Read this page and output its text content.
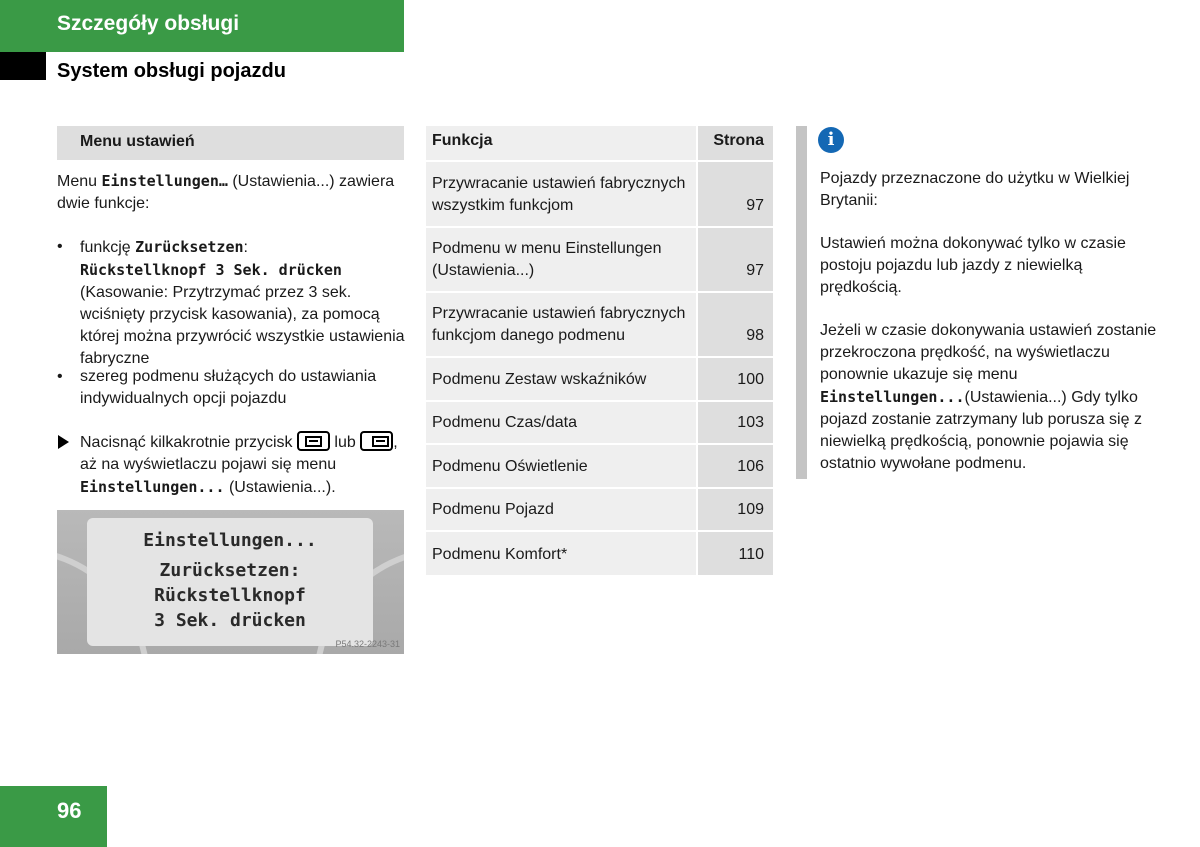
Szczegóły obsługi
System obsługi pojazdu
Menu ustawień
Menu Einstellungen… (Ustawienia...) zawiera dwie funkcje:
• funkcję Zurücksetzen:
Rückstellknopf 3 Sek. drücken
(Kasowanie: Przytrzymać przez 3 sek. wciśnięty przycisk kasowania), za pomocą której można przywrócić wszystkie ustawienia fabryczne
• szereg podmenu służących do ustawiania indywidualnych opcji pojazdu
Nacisnąć kilkakrotnie przycisk
lub
, aż na wyświetlaczu pojawi się menu Einstellungen... (Ustawienia...).
Einstellungen...
Zurücksetzen:
Rückstellknopf
3 Sek. drücken
P54.32-2243-31
Funkcja	Strona
Przywracanie ustawień fabrycznych wszystkim funkcjom	97
Podmenu w menu Einstellungen (Ustawienia...)	97
Przywracanie ustawień fabrycznych funkcjom danego podmenu	98
Podmenu Zestaw wskaźników	100
Podmenu Czas/data	103
Podmenu Oświetlenie	106
Podmenu Pojazd	109
Podmenu Komfort*	110
i
Pojazdy przeznaczone do użytku w Wielkiej Brytanii:
Ustawień można dokonywać tylko w czasie postoju pojazdu lub jazdy z niewielką prędkością.
Jeżeli w czasie dokonywania ustawień zostanie przekroczona prędkość, na wyświetlaczu ponownie ukazuje się menu Einstellungen...(Ustawienia...) Gdy tylko pojazd zostanie zatrzymany lub porusza się z niewielką prędkością, ponownie pojawia się ostatnio wywołane podmenu.
96
